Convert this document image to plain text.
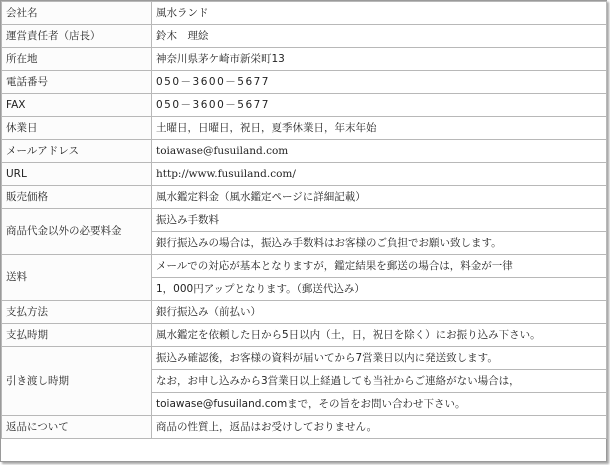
会社名	風水ランド
運営責任者（店長）	鈴木　理絵
所在地	神奈川県茅ケ崎市新栄町13
電話番号	050－3600－5677
FAX	050－3600－5677
休業日	土曜日，日曜日，祝日，夏季休業日，年末年始
メールアドレス	toiawase@fusuiland.com
URL	http://www.fusuiland.com/
販売価格	風水鑑定料金（風水鑑定ページに詳細記載）
商品代金以外の必要料金	振込み手数料
	銀行振込みの場合は，振込み手数料はお客様のご負担でお願い致します。
送料	メールでの対応が基本となりますが，鑑定結果を郵送の場合は，料金が一律
	1，000円アップとなります。（郵送代込み）
支払方法	銀行振込み（前払い）
支払時期	風水鑑定を依頼した日から5日以内（土，日，祝日を除く）にお振り込み下さい。
引き渡し時期	振込み確認後，お客様の資料が届いてから7営業日以内に発送致します。
	なお，お申し込みから3営業日以上経過しても当社からご連絡がない場合は，
	toiawase@fusuiland.comまで，その旨をお問い合わせ下さい。
返品について	商品の性質上，返品はお受けしておりません。
